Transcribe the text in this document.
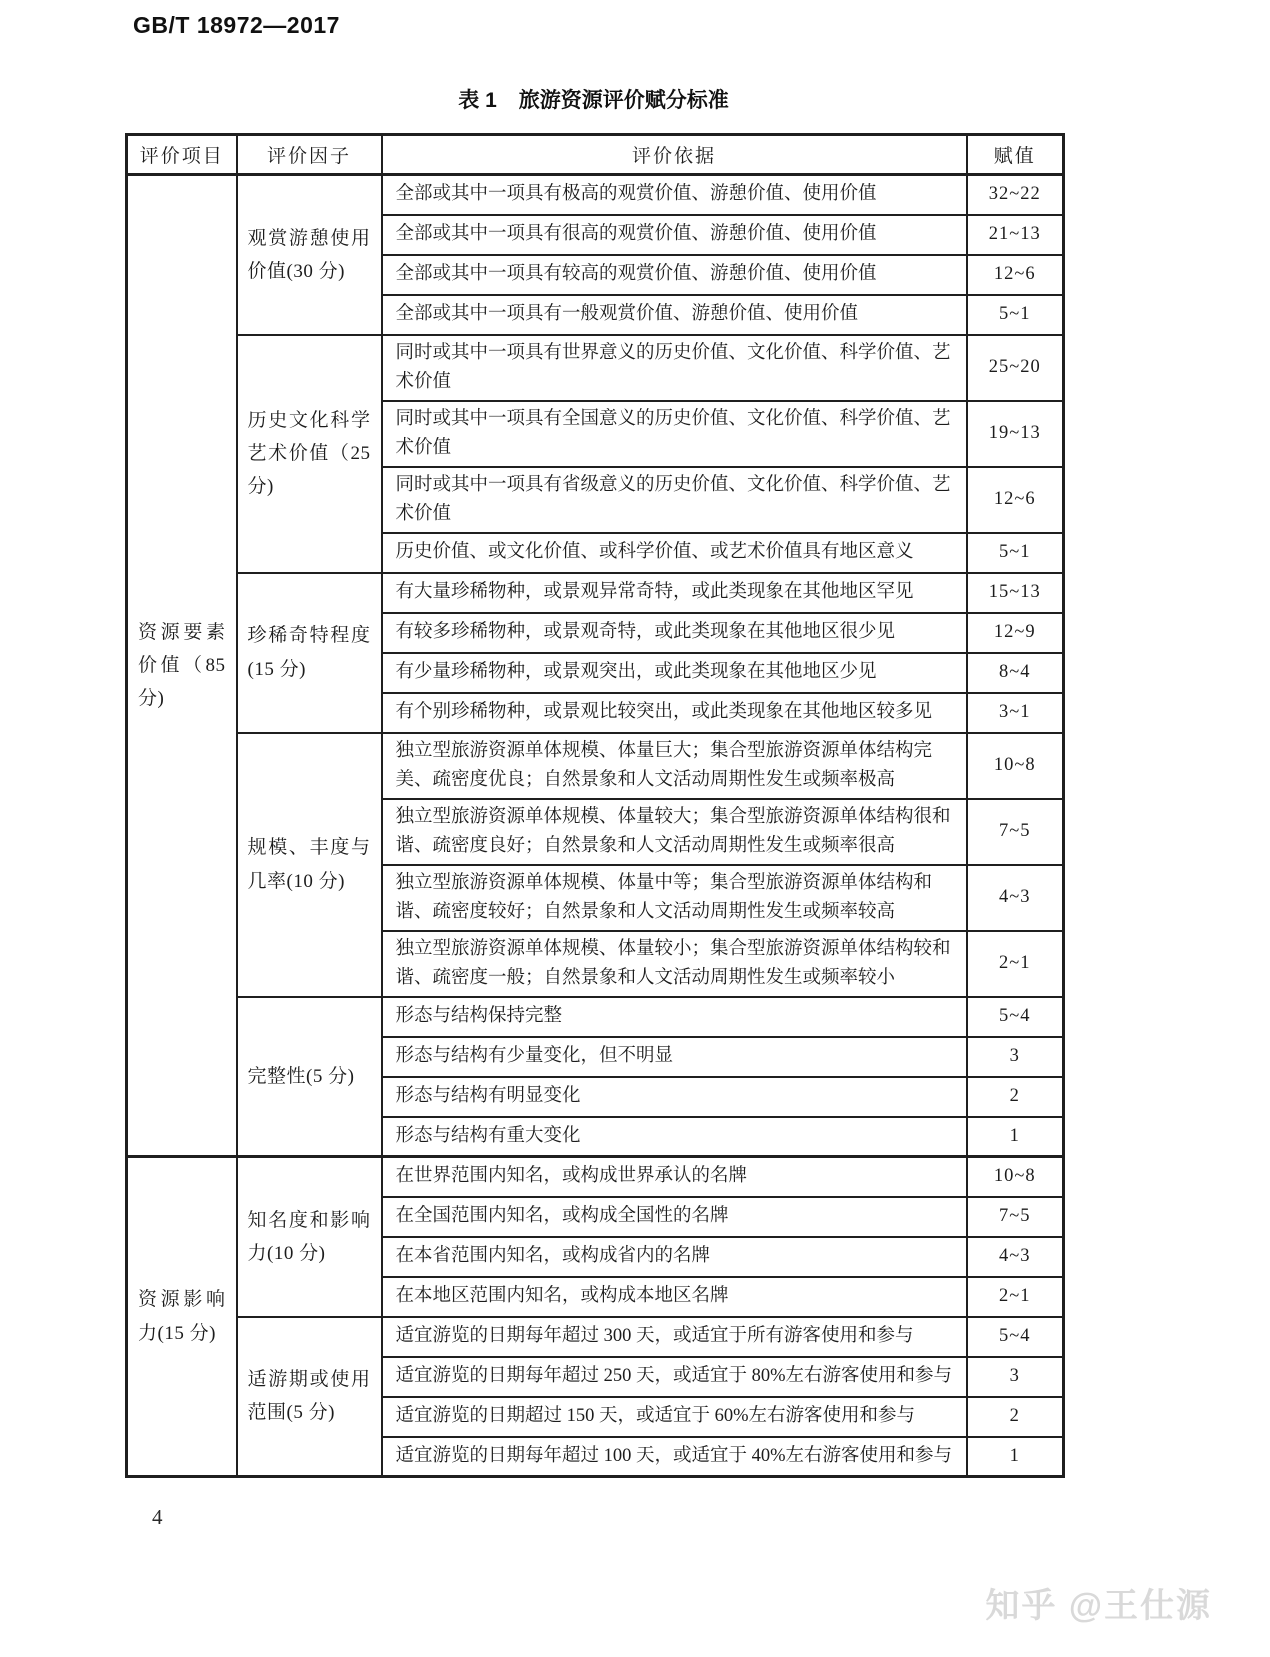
GB/T 18972—2017
表 1 旅游资源评价赋分标准
评价项目	评价因子	评价依据	赋值
资源要素价值（85 分)	观赏游憩使用价值(30 分)	全部或其中一项具有极高的观赏价值、游憩价值、使用价值	32~22
		全部或其中一项具有很高的观赏价值、游憩价值、使用价值	21~13
		全部或其中一项具有较高的观赏价值、游憩价值、使用价值	12~6
		全部或其中一项具有一般观赏价值、游憩价值、使用价值	5~1
	历史文化科学艺术价值（25 分)	同时或其中一项具有世界意义的历史价值、文化价值、科学价值、艺术价值	25~20
		同时或其中一项具有全国意义的历史价值、文化价值、科学价值、艺术价值	19~13
		同时或其中一项具有省级意义的历史价值、文化价值、科学价值、艺术价值	12~6
		历史价值、或文化价值、或科学价值、或艺术价值具有地区意义	5~1
	珍稀奇特程度(15 分)	有大量珍稀物种，或景观异常奇特，或此类现象在其他地区罕见	15~13
		有较多珍稀物种，或景观奇特，或此类现象在其他地区很少见	12~9
		有少量珍稀物种，或景观突出，或此类现象在其他地区少见	8~4
		有个别珍稀物种，或景观比较突出，或此类现象在其他地区较多见	3~1
	规模、丰度与几率(10 分)	独立型旅游资源单体规模、体量巨大；集合型旅游资源单体结构完美、疏密度优良；自然景象和人文活动周期性发生或频率极高	10~8
		独立型旅游资源单体规模、体量较大；集合型旅游资源单体结构很和谐、疏密度良好；自然景象和人文活动周期性发生或频率很高	7~5
		独立型旅游资源单体规模、体量中等；集合型旅游资源单体结构和谐、疏密度较好；自然景象和人文活动周期性发生或频率较高	4~3
		独立型旅游资源单体规模、体量较小；集合型旅游资源单体结构较和谐、疏密度一般；自然景象和人文活动周期性发生或频率较小	2~1
	完整性(5 分)	形态与结构保持完整	5~4
		形态与结构有少量变化，但不明显	3
		形态与结构有明显变化	2
		形态与结构有重大变化	1
资源影响力(15 分)	知名度和影响力(10 分)	在世界范围内知名，或构成世界承认的名牌	10~8
		在全国范围内知名，或构成全国性的名牌	7~5
		在本省范围内知名，或构成省内的名牌	4~3
		在本地区范围内知名，或构成本地区名牌	2~1
	适游期或使用范围(5 分)	适宜游览的日期每年超过 300 天，或适宜于所有游客使用和参与	5~4
		适宜游览的日期每年超过 250 天，或适宜于 80%左右游客使用和参与	3
		适宜游览的日期超过 150 天，或适宜于 60%左右游客使用和参与	2
		适宜游览的日期每年超过 100 天，或适宜于 40%左右游客使用和参与	1
4
知乎 @王仕源
